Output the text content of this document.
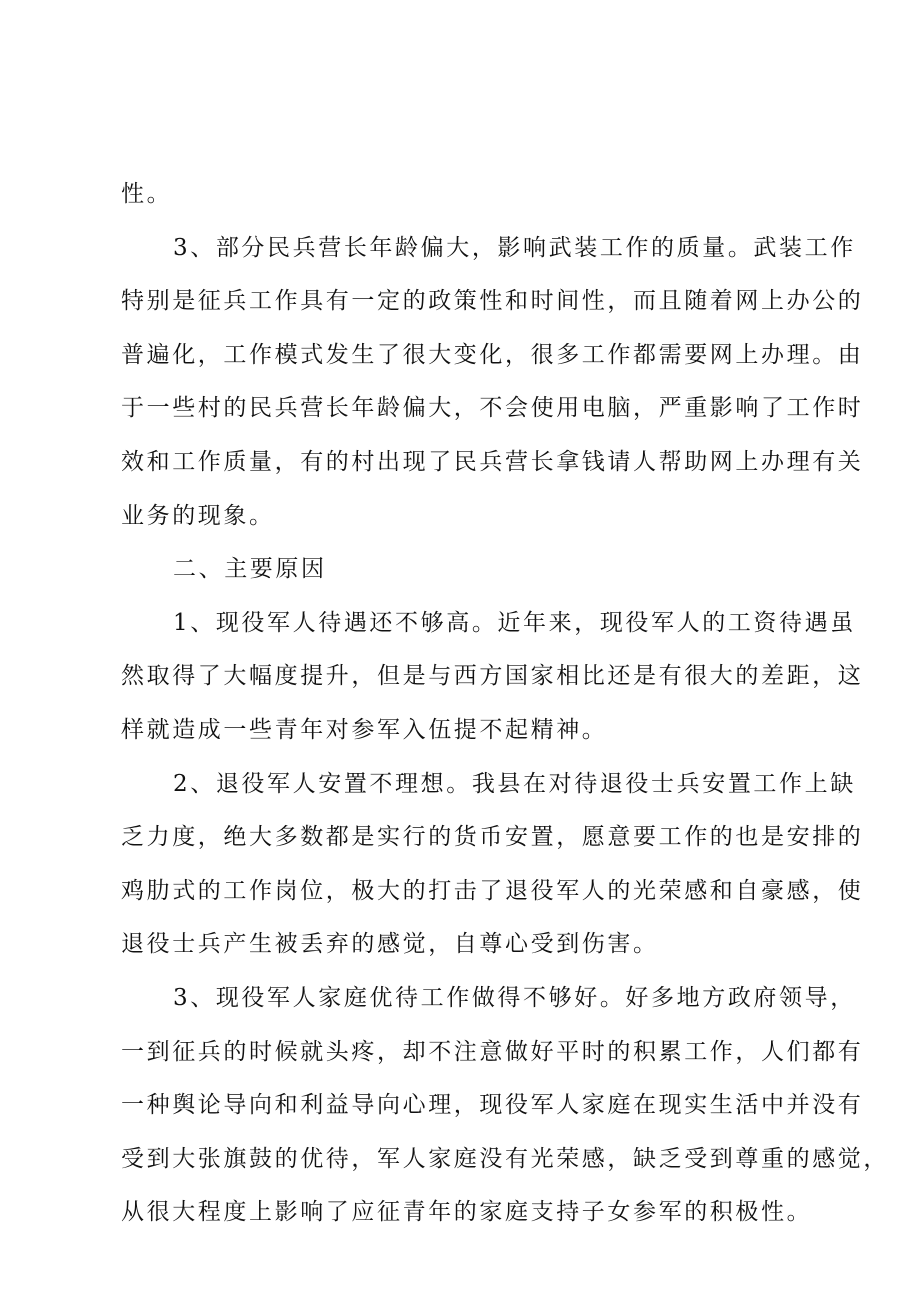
性。
3、部分民兵营长年龄偏大，影响武装工作的质量。武装工作
特别是征兵工作具有一定的政策性和时间性，而且随着网上办公的
普遍化，工作模式发生了很大变化，很多工作都需要网上办理。由
于一些村的民兵营长年龄偏大，不会使用电脑，严重影响了工作时
效和工作质量，有的村出现了民兵营长拿钱请人帮助网上办理有关
业务的现象。
二、主要原因
1、现役军人待遇还不够高。近年来，现役军人的工资待遇虽
然取得了大幅度提升，但是与西方国家相比还是有很大的差距，这
样就造成一些青年对参军入伍提不起精神。
2、退役军人安置不理想。我县在对待退役士兵安置工作上缺
乏力度，绝大多数都是实行的货币安置，愿意要工作的也是安排的
鸡肋式的工作岗位，极大的打击了退役军人的光荣感和自豪感，使
退役士兵产生被丢弃的感觉，自尊心受到伤害。
3、现役军人家庭优待工作做得不够好。好多地方政府领导，
一到征兵的时候就头疼，却不注意做好平时的积累工作，人们都有
一种舆论导向和利益导向心理，现役军人家庭在现实生活中并没有
受到大张旗鼓的优待，军人家庭没有光荣感，缺乏受到尊重的感觉，
从很大程度上影响了应征青年的家庭支持子女参军的积极性。
